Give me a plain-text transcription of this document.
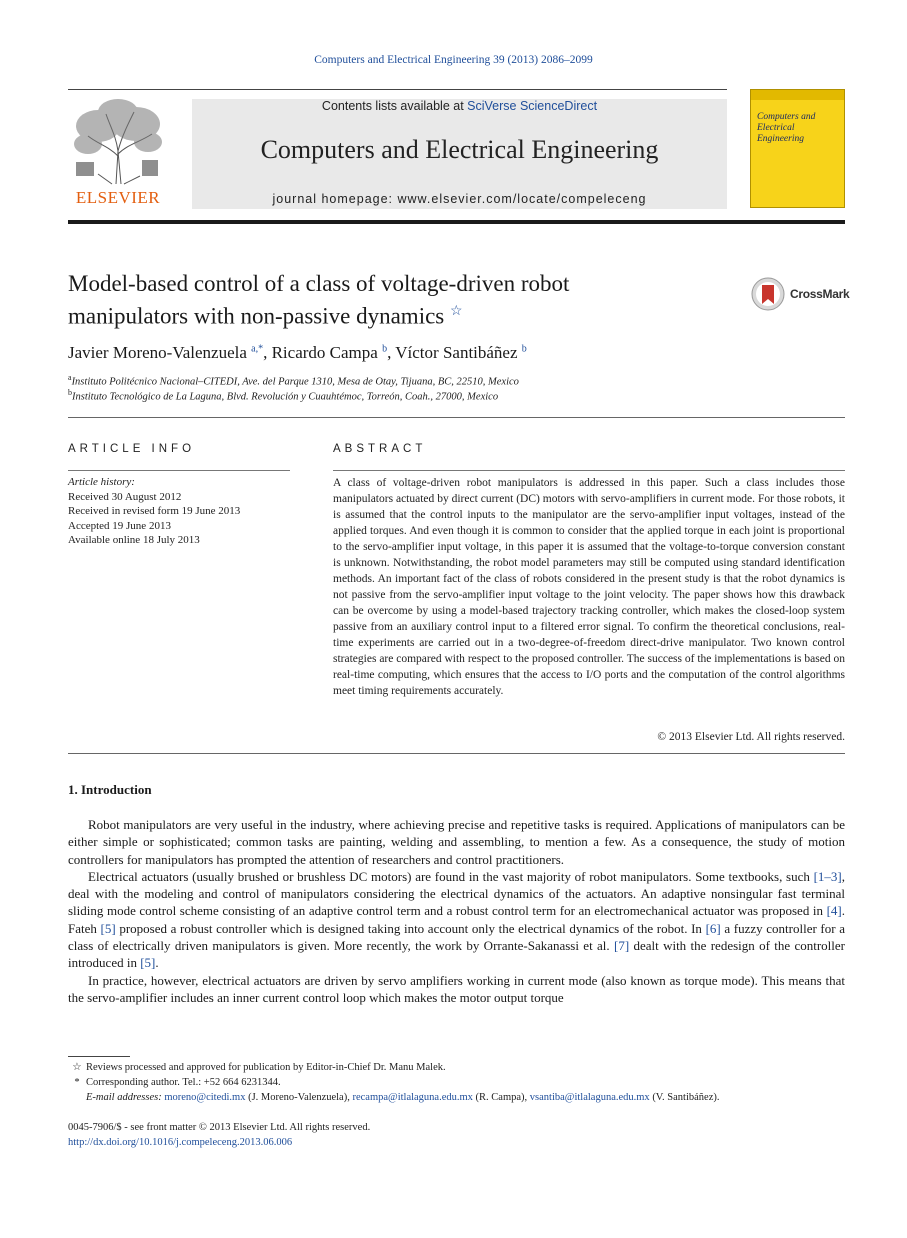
Computers and Electrical Engineering 39 (2013) 2086–2099
ELSEVIER
Contents lists available at SciVerse ScienceDirect
Computers and Electrical Engineering
journal homepage: www.elsevier.com/locate/compeleceng
Computers and Electrical Engineering
Model-based control of a class of voltage-driven robot
manipulators with non-passive dynamics ☆
CrossMark
Javier Moreno-Valenzuela $^{a,*}$, Ricardo Campa $^b$, Víctor Santibáñez $^b$
$^a$Instituto Politécnico Nacional–CITEDI, Ave. del Parque 1310, Mesa de Otay, Tijuana, BC, 22510, Mexico
$^b$Instituto Tecnológico de La Laguna, Blvd. Revolución y Cuauhtémoc, Torreón, Coah., 27000, Mexico
ARTICLE INFO	ABSTRACT
Article history:
Received 30 August 2012
Received in revised form 19 June 2013
Accepted 19 June 2013
Available online 18 July 2013
A class of voltage-driven robot manipulators is addressed in this paper. Such a class includes those manipulators actuated by direct current (DC) motors with servo-amplifiers in current mode. For those robots, it is assumed that the control inputs to the manipulator are the servo-amplifier input voltages, instead of the applied torques. And even though it is common to consider that the applied torque in each joint is proportional to the servo-amplifier input voltage, in this paper it is assumed that the voltage-to-torque conversion constant is unknown. Notwithstanding, the robot model parameters may still be computed using standard identification methods. An important fact of the class of robots considered in the present study is that the robot dynamics is not passive from the servo-amplifier input voltage to the joint velocity. The paper shows how this drawback can be overcome by using a model-based trajectory tracking controller, which makes the closed-loop system passive from an auxiliary control input to a filtered error signal. To confirm the theoretical conclusions, real-time experiments are carried out in a two-degree-of-freedom direct-drive manipulator. Two known control strategies are compared with respect to the proposed controller. The success of the implementations is based on real-time computing, which ensures that the access to I/O ports and the computation of the control algorithms meet timing requirements accurately.
© 2013 Elsevier Ltd. All rights reserved.
1. Introduction

Robot manipulators are very useful in the industry, where achieving precise and repetitive tasks is required. Applications of manipulators can be either simple or sophisticated; common tasks are painting, welding and assembling, to mention a few. As a consequence, the study of motion controllers for manipulators has prompted the attention of researchers and control practitioners.

Electrical actuators (usually brushed or brushless DC motors) are found in the vast majority of robot manipulators. Some textbooks, such [1–3], deal with the modeling and control of manipulators considering the electrical dynamics of the actuators. An adaptive nonsingular fast terminal sliding mode control scheme consisting of an adaptive control term and a robust control term for an electromechanical actuator was proposed in [4]. Fateh [5] proposed a robust controller which is designed taking into account only the electrical dynamics of the robot. In [6] a fuzzy controller for a class of electrically driven manipulators is given. More recently, the work by Orrante-Sakanassi et al. [7] dealt with the redesign of the controller introduced in [5].

In practice, however, electrical actuators are driven by servo amplifiers working in current mode (also known as torque mode). This means that the servo-amplifier includes an inner current control loop which makes the motor output torque

☆ Reviews processed and approved for publication by Editor-in-Chief Dr. Manu Malek.
* Corresponding author. Tel.: +52 664 6231344.
E-mail addresses: moreno@citedi.mx (J. Moreno-Valenzuela), recampa@itlalaguna.edu.mx (R. Campa), vsantiba@itlalaguna.edu.mx (V. Santibáñez).
0045-7906/$ - see front matter © 2013 Elsevier Ltd. All rights reserved.
http://dx.doi.org/10.1016/j.compeleceng.2013.06.006
